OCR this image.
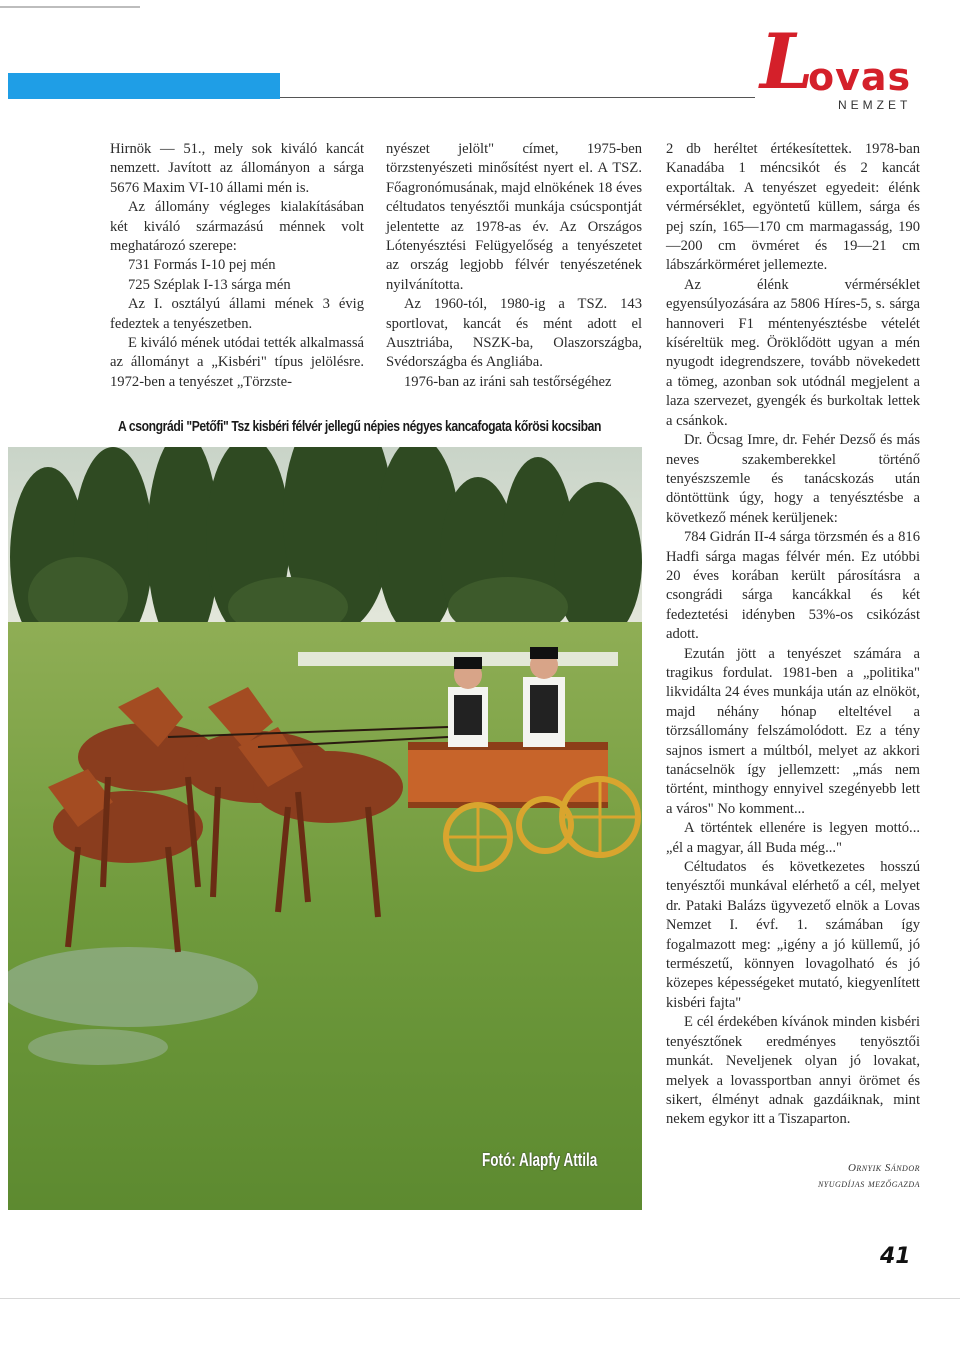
L
ovas
NEMZET

Hirnök — 51., mely sok kiváló kancát nemzett. Javított az állományon a sárga 5676 Maxim VI-10 állami mén is.

Az állomány végleges kialakításában két kiváló származású ménnek volt meghatározó szerepe:

731 Formás I-10 pej mén

725 Széplak I-13 sárga mén

Az I. osztályú állami mének 3 évig fedeztek a tenyészetben.

E kiváló mének utódai tették alkalmassá az állományt a „Kisbéri" típus jelölésre. 1972-ben a tenyészet „Törzste-

nyészet jelölt" címet, 1975-ben törzstenyészeti minősítést nyert el. A TSZ. Főagronómusának, majd elnökének 18 éves céltudatos tenyésztői munkája csúcspontját jelentette az 1978-as év. Az Országos Lótenyésztési Felügyelőség a tenyészetet az ország legjobb félvér tenyészetének nyilvánította.

Az 1960-tól, 1980-ig a TSZ. 143 sportlovat, kancát és mént adott el Ausztriába, NSZK-ba, Olaszországba, Svédországba és Angliába.

1976-ban az iráni sah testőrségéhez

2 db heréltet értékesítettek. 1978-ban Kanadába 1 méncsikót és 2 kancát exportáltak. A tenyészet egyedeit: élénk vérmérséklet, egyöntetű küllem, sárga és pej szín, 165—170 cm marmagasság, 190—200 cm övméret és 19—21 cm lábszárkörméret jellemezte.

Az élénk vérmérséklet egyensúlyozására az 5806 Híres-5, s. sárga hannoveri F1 méntenyésztésbe vételét kíséreltük meg. Öröklődött ugyan a mén nyugodt idegrendszere, tovább növekedett a tömeg, azonban sok utódnál megjelent a laza szervezet, gyengék és burkoltak lettek a csánkok.

Dr. Öcsag Imre, dr. Fehér Dezső és más neves szakemberekkel történő tenyészszemle és tanácskozás után döntöttünk úgy, hogy a tenyésztésbe a következő mének kerüljenek:

784 Gidrán II-4 sárga törzsmén és a 816 Hadfi sárga magas félvér mén. Ez utóbbi 20 éves korában került párosításra a csongrádi sárga kancákkal és két fedeztetési idényben 53%-os csikózást adott.

Ezután jött a tenyészet számára a tragikus fordulat. 1981-ben a „politika" likvidálta 24 éves munkája után az elnököt, majd néhány hónap elteltével a törzsállomány felszámolódott. Ez a tény sajnos ismert a múltból, melyet az akkori tanácselnök így jellemzett: „más nem történt, minthogy ennyivel szegényebb lett a város" No komment...

A történtek ellenére is legyen mottó... „él a magyar, áll Buda még..."

Céltudatos és következetes hosszú tenyésztői munkával elérhető a cél, melyet dr. Pataki Balázs ügyvezető elnök a Lovas Nemzet I. évf. 1. számában így fogalmazott meg: „igény a jó küllemű, jó természetű, könnyen lovagolható és jó közepes képességeket mutató, kiegyenlített kisbéri fajta"

E cél érdekében kívánok minden kisbéri tenyésztőnek eredményes tenyösztői munkát. Neveljenek olyan jó lovakat, melyek a lovassportban annyi örömet és sikert, élményt adnak gazdáiknak, mint nekem egykor itt a Tiszaparton.

A csongrádi "Petőfi" Tsz kisbéri félvér jellegű népies négyes kancafogata kőrösi kocsiban
Fotó: Alapfy Attila	Ornyik Sándor
nyugdíjas mezőgazda
41
